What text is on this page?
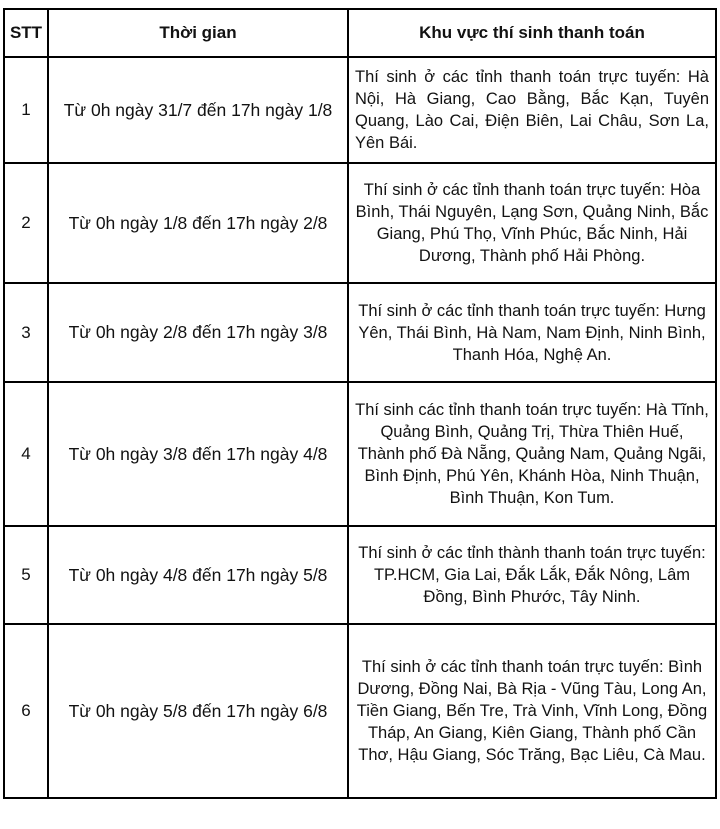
STT	Thời gian	Khu vực thí sinh thanh toán
1	Từ 0h ngày 31/7 đến 17h ngày 1/8	Thí sinh ở các tỉnh thanh toán trực tuyến: Hà Nội, Hà Giang, Cao Bằng, Bắc Kạn, Tuyên Quang, Lào Cai, Điện Biên, Lai Châu, Sơn La, Yên Bái.
2	Từ 0h ngày 1/8 đến 17h ngày 2/8	Thí sinh ở các tỉnh thanh toán trực tuyến: Hòa Bình, Thái Nguyên, Lạng Sơn, Quảng Ninh, Bắc Giang, Phú Thọ, Vĩnh Phúc, Bắc Ninh, Hải Dương, Thành phố Hải Phòng.
3	Từ 0h ngày 2/8 đến 17h ngày 3/8	Thí sinh ở các tỉnh thanh toán trực tuyến: Hưng Yên, Thái Bình, Hà Nam, Nam Định, Ninh Bình, Thanh Hóa, Nghệ An.
4	Từ 0h ngày 3/8 đến 17h ngày 4/8	Thí sinh các tỉnh thanh toán trực tuyến: Hà Tĩnh, Quảng Bình, Quảng Trị, Thừa Thiên Huế, Thành phố Đà Nẵng, Quảng Nam, Quảng Ngãi, Bình Định, Phú Yên, Khánh Hòa, Ninh Thuận, Bình Thuận, Kon Tum.
5	Từ 0h ngày 4/8 đến 17h ngày 5/8	Thí sinh ở các tỉnh thành thanh toán trực tuyến: TP.HCM, Gia Lai, Đắk Lắk, Đắk Nông, Lâm Đồng, Bình Phước, Tây Ninh.
6	Từ 0h ngày 5/8 đến 17h ngày 6/8	Thí sinh ở các tỉnh thanh toán trực tuyến: Bình Dương, Đồng Nai, Bà Rịa - Vũng Tàu, Long An, Tiền Giang, Bến Tre, Trà Vinh, Vĩnh Long, Đồng Tháp, An Giang, Kiên Giang, Thành phố Cần Thơ, Hậu Giang, Sóc Trăng, Bạc Liêu, Cà Mau.
